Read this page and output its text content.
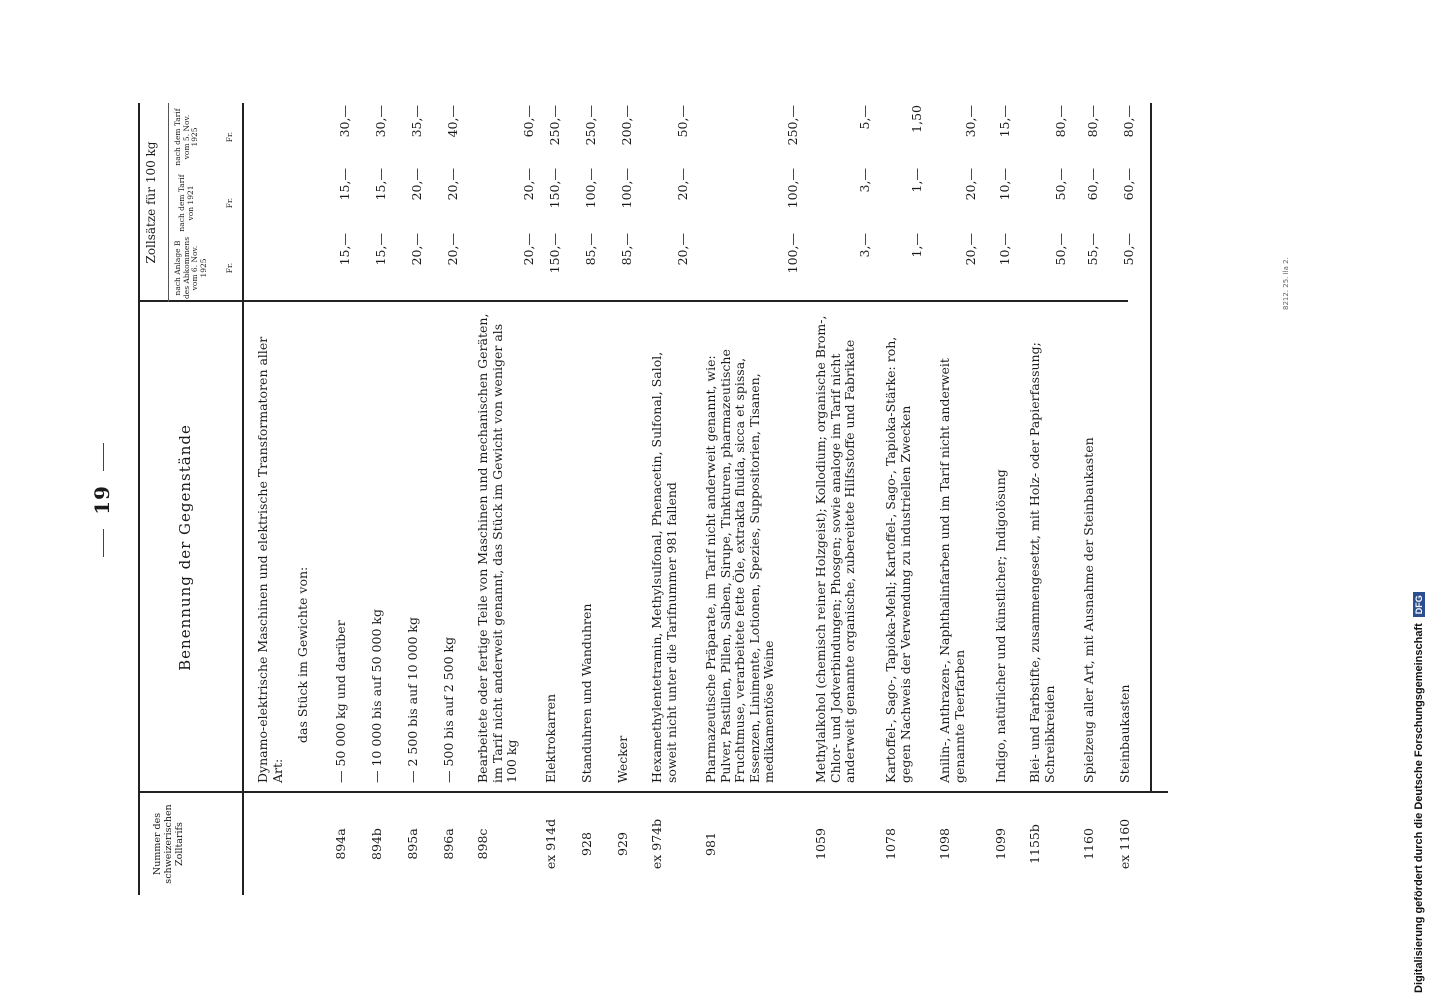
19
Nummer des schweizerischen Zolltarifs
Benennung der Gegenstände
Zollsätze für 100 kg
nach Anlage B des Abkommens vom 6. Nov. 1925
nach dem Tarif von 1921
nach dem Tarif vom 5. Nov. 1925
Fr.
Fr.
Fr.
Dynamo-elektrische Maschinen und elektrische Transformatoren aller Art:
das Stück im Gewichte von:
894a
— 50 000 kg und darüber
15,—
15,—
30,—
894b
— 10 000 bis auf 50 000 kg
15,—
15,—
30,—
895a
— 2 500 bis auf 10 000 kg
20,—
20,—
35,—
896a
— 500 bis auf 2 500 kg
20,—
20,—
40,—
898c
Bearbeitete oder fertige Teile von Maschinen und mechanischen Geräten, im Tarif nicht anderweit genannt, das Stück im Gewicht von weniger als 100 kg
20,—
20,—
60,—
ex 914d
Elektrokarren
150,—
150,—
250,—
928
Standuhren und Wanduhren
85,—
100,—
250,—
929
Wecker
85,—
100,—
200,—
ex 974b
Hexamethylentetramin, Methylsulfonal, Phenacetin, Sulfonal, Salol, soweit nicht unter die Tarifnummer 981 fallend
20,—
20,—
50,—
981
Pharmazeutische Präparate, im Tarif nicht anderweit genannt, wie: Pulver, Pastillen, Pillen, Salben, Sirupe, Tinkturen, pharmazeutische Fruchtmuse, verarbeitete fette Öle, extrakta fluida, sicca et spissa, Essenzen, Linimente, Lotionen, Spezies, Suppositorien, Tisanen, medikamentöse Weine
100,—
100,—
250,—
1059
Methylalkohol (chemisch reiner Holzgeist); Kollodium; organische Brom-, Chlor- und Jodverbindungen; Phosgen; sowie analoge im Tarif nicht anderweit genannte organische, zubereitete Hilfsstoffe und Fabrikate
3,—
3,—
5,—
1078
Kartoffel-, Sago-, Tapioka-Mehl; Kartoffel-, Sago-, Tapioka-Stärke: roh, gegen Nachweis der Verwendung zu industriellen Zwecken
1,—
1,—
1,50
1098
Anilin-, Anthrazen-, Naphthalinfarben und im Tarif nicht anderweit genannte Teerfarben
20,—
20,—
30,—
1099
Indigo, natürlicher und künstlicher; Indigolösung
10,—
10,—
15,—
1155b
Blei- und Farbstifte, zusammengesetzt, mit Holz- oder Papierfassung; Schreibkreiden
50,—
50,—
80,—
1160
Spielzeug aller Art, mit Ausnahme der Steinbaukasten
55,—
60,—
80,—
ex 1160
Steinbaukasten
50,—
60,—
80,—
8212. 25. Ila 2.
Digitalisierung gefördert durch die Deutsche Forschungsgemeinschaft
DFG
